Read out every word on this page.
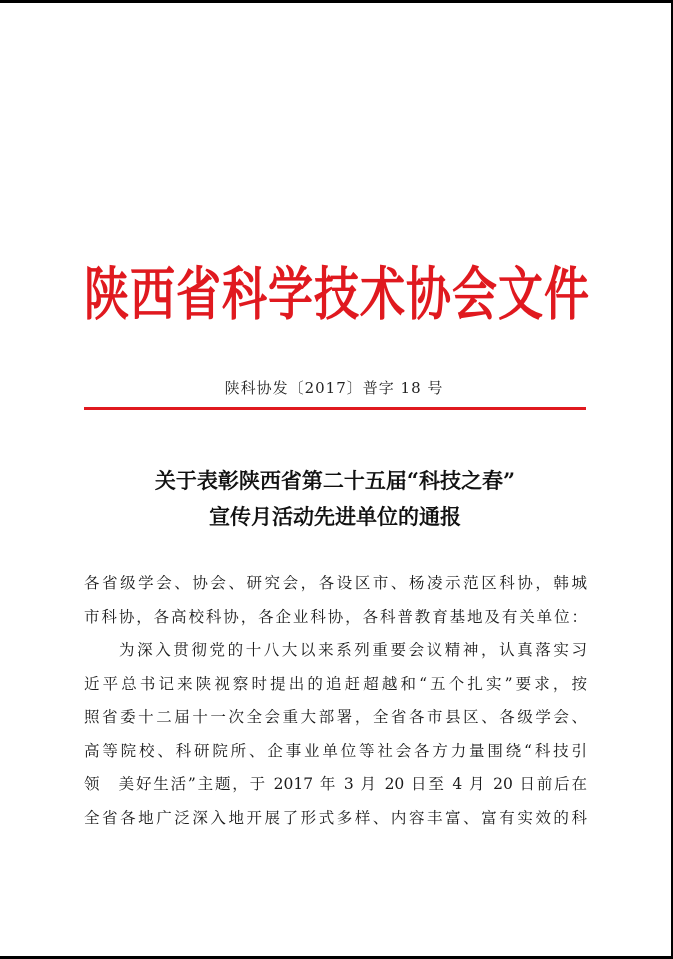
陕西省科学技术协会文件
陕科协发〔2017〕普字 18 号
关于表彰陕西省第二十五届“科技之春”
宣传月活动先进单位的通报
各省级学会、协会、研究会，各设区市、杨凌示范区科协，韩城
市科协，各高校科协，各企业科协，各科普教育基地及有关单位：
为深入贯彻党的十八大以来系列重要会议精神，认真落实习
近平总书记来陕视察时提出的追赶超越和“五个扎实”要求，按
照省委十二届十一次全会重大部署，全省各市县区、各级学会、
高等院校、科研院所、企事业单位等社会各方力量围绕“科技引
领　美好生活”主题，于 2017 年 3 月 20 日至 4 月 20 日前后在
全省各地广泛深入地开展了形式多样、内容丰富、富有实效的科
